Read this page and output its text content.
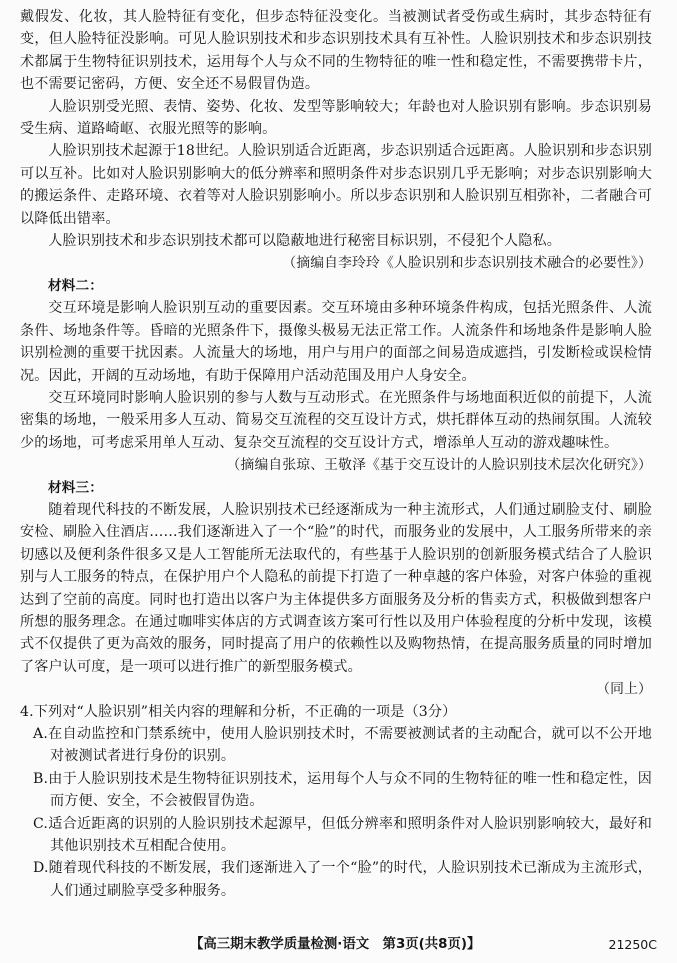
戴假发、化妆，其人脸特征有变化，但步态特征没变化。当被测试者受伤或生病时，其步态特征有变，但人脸特征没影响。可见人脸识别技术和步态识别技术具有互补性。人脸识别技术和步态识别技术都属于生物特征识别技术，运用每个人与众不同的生物特征的唯一性和稳定性，不需要携带卡片，也不需要记密码，方便、安全还不易假冒伪造。

人脸识别受光照、表情、姿势、化妆、发型等影响较大；年龄也对人脸识别有影响。步态识别易受生病、道路崎岖、衣服光照等的影响。

人脸识别技术起源于18世纪。人脸识别适合近距离，步态识别适合远距离。人脸识别和步态识别可以互补。比如对人脸识别影响大的低分辨率和照明条件对步态识别几乎无影响；对步态识别影响大的搬运条件、走路环境、衣着等对人脸识别影响小。所以步态识别和人脸识别互相弥补，二者融合可以降低出错率。

人脸识别技术和步态识别技术都可以隐蔽地进行秘密目标识别，不侵犯个人隐私。

（摘编自李玲玲《人脸识别和步态识别技术融合的必要性》）

材料二：

交互环境是影响人脸识别互动的重要因素。交互环境由多种环境条件构成，包括光照条件、人流条件、场地条件等。昏暗的光照条件下，摄像头极易无法正常工作。人流条件和场地条件是影响人脸识别检测的重要干扰因素。人流量大的场地，用户与用户的面部之间易造成遮挡，引发断检或误检情况。因此，开阔的互动场地，有助于保障用户活动范围及用户人身安全。

交互环境同时影响人脸识别的参与人数与互动形式。在光照条件与场地面积近似的前提下，人流密集的场地，一般采用多人互动、简易交互流程的交互设计方式，烘托群体互动的热闹氛围。人流较少的场地，可考虑采用单人互动、复杂交互流程的交互设计方式，增添单人互动的游戏趣味性。

（摘编自张琼、王敬泽《基于交互设计的人脸识别技术层次化研究》）

材料三：

随着现代科技的不断发展，人脸识别技术已经逐渐成为一种主流形式，人们通过刷脸支付、刷脸安检、刷脸入住酒店……我们逐渐进入了一个“脸”的时代，而服务业的发展中，人工服务所带来的亲切感以及便利条件很多又是人工智能所无法取代的，有些基于人脸识别的创新服务模式结合了人脸识别与人工服务的特点，在保护用户个人隐私的前提下打造了一种卓越的客户体验，对客户体验的重视达到了空前的高度。同时也打造出以客户为主体提供多方面服务及分析的售卖方式，积极做到想客户所想的服务理念。在通过咖啡实体店的方式调查该方案可行性以及用户体验程度的分析中发现，该模式不仅提供了更为高效的服务，同时提高了用户的依赖性以及购物热情，在提高服务质量的同时增加了客户认可度，是一项可以进行推广的新型服务模式。

（同上）

4.下列对“人脸识别”相关内容的理解和分析，不正确的一项是（3分）

A.在自动监控和门禁系统中，使用人脸识别技术时，不需要被测试者的主动配合，就可以不公开地对被测试者进行身份的识别。

B.由于人脸识别技术是生物特征识别技术，运用每个人与众不同的生物特征的唯一性和稳定性，因而方便、安全，不会被假冒伪造。

C.适合近距离的识别的人脸识别技术起源早，但低分辨率和照明条件对人脸识别影响较大，最好和其他识别技术互相配合使用。

D.随着现代科技的不断发展，我们逐渐进入了一个“脸”的时代，人脸识别技术已渐成为主流形式，人们通过刷脸享受多种服务。

【高三期末教学质量检测·语文　第3页(共8页)】	21250C
